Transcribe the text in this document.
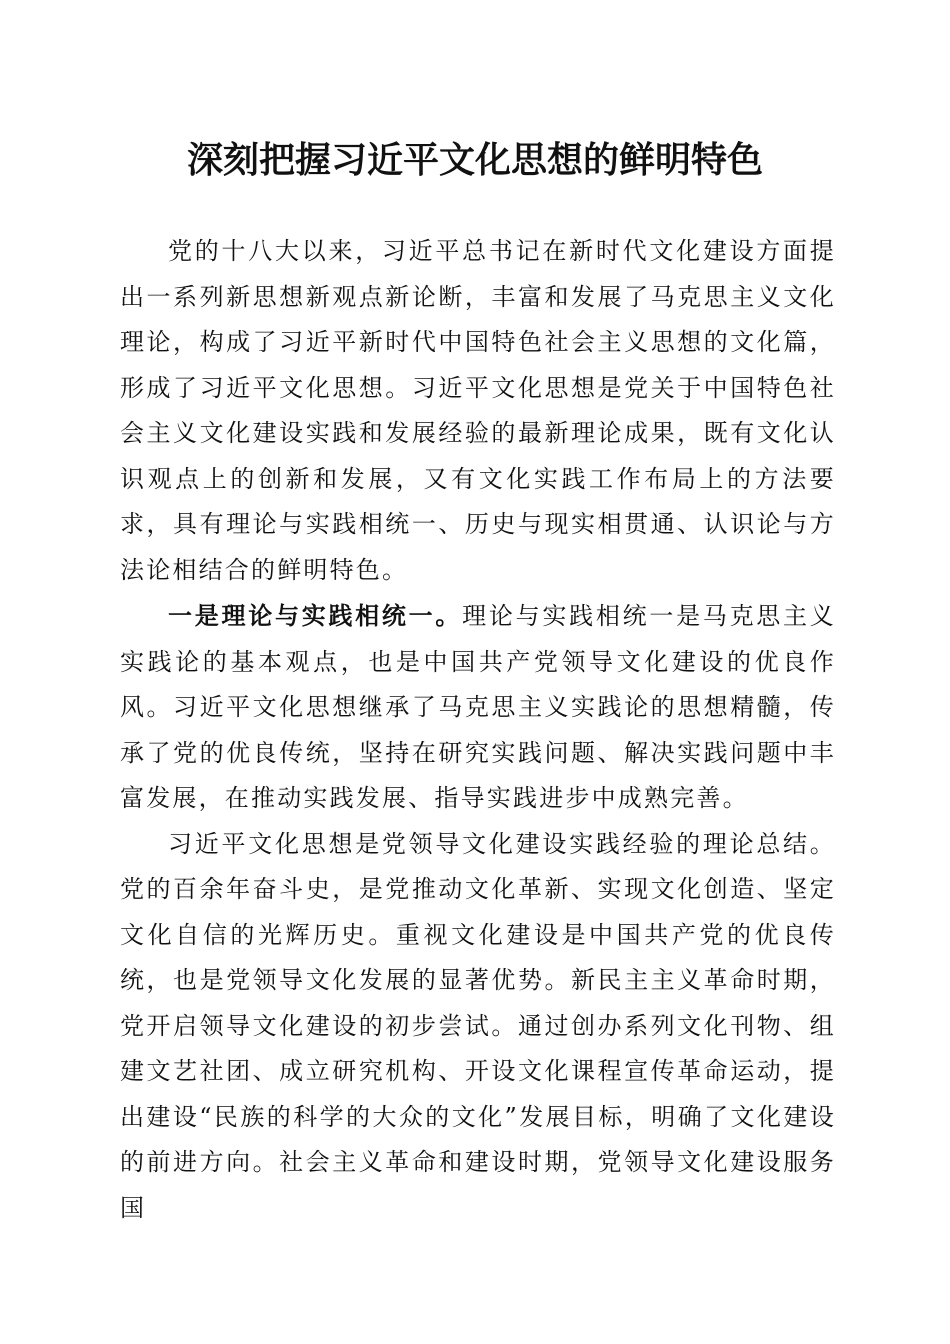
深刻把握习近平文化思想的鲜明特色

党的十八大以来，习近平总书记在新时代文化建设方面提出一系列新思想新观点新论断，丰富和发展了马克思主义文化理论，构成了习近平新时代中国特色社会主义思想的文化篇，形成了习近平文化思想。习近平文化思想是党关于中国特色社会主义文化建设实践和发展经验的最新理论成果，既有文化认识观点上的创新和发展，又有文化实践工作布局上的方法要求，具有理论与实践相统一、历史与现实相贯通、认识论与方法论相结合的鲜明特色。

一是理论与实践相统一。理论与实践相统一是马克思主义实践论的基本观点，也是中国共产党领导文化建设的优良作风。习近平文化思想继承了马克思主义实践论的思想精髓，传承了党的优良传统，坚持在研究实践问题、解决实践问题中丰富发展，在推动实践发展、指导实践进步中成熟完善。

习近平文化思想是党领导文化建设实践经验的理论总结。党的百余年奋斗史，是党推动文化革新、实现文化创造、坚定文化自信的光辉历史。重视文化建设是中国共产党的优良传统，也是党领导文化发展的显著优势。新民主主义革命时期，党开启领导文化建设的初步尝试。通过创办系列文化刊物、组建文艺社团、成立研究机构、开设文化课程宣传革命运动，提出建设“民族的科学的大众的文化”发展目标，明确了文化建设的前进方向。社会主义革命和建设时期，党领导文化建设服务国
